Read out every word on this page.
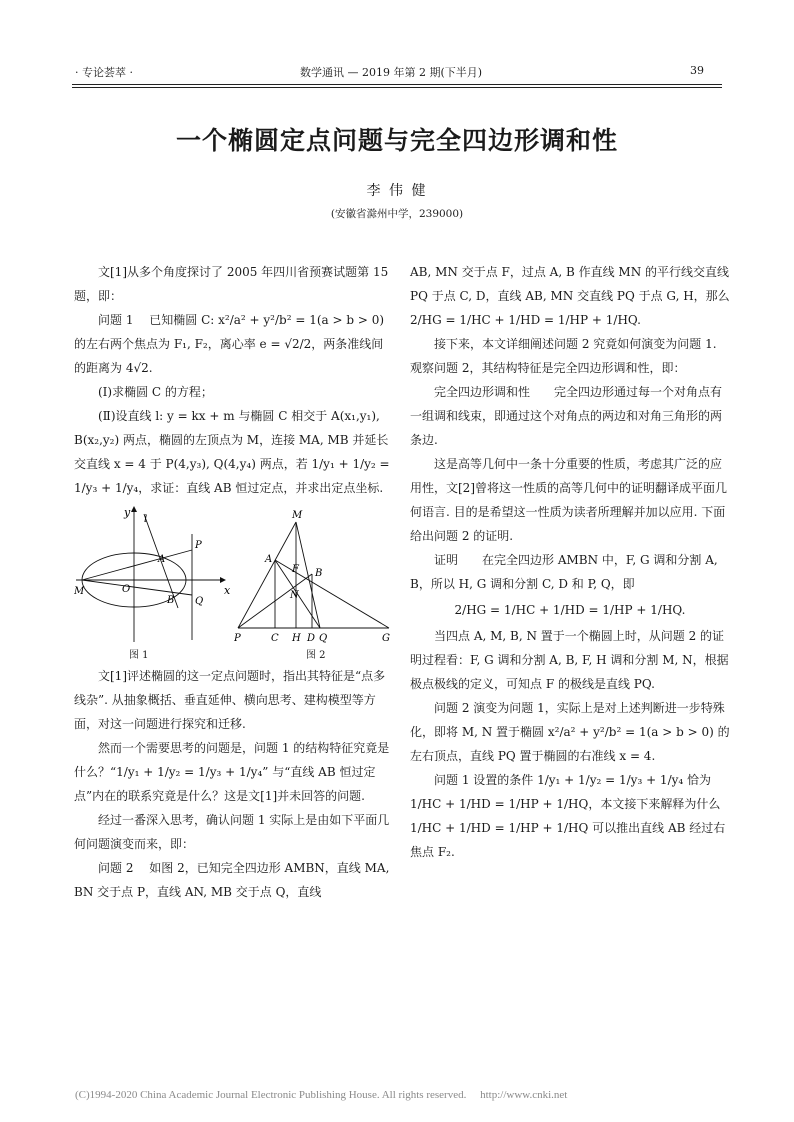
· 专论荟萃 ·	数学通讯 — 2019 年第 2 期(下半月)	39
一个椭圆定点问题与完全四边形调和性
李 伟 健
(安徽省滁州中学，239000)

文[1]从多个角度探讨了 2005 年四川省预赛试题第 15 题，即：

问题 1　 已知椭圆 C: x²/a² + y²/b² = 1(a > b > 0) 的左右两个焦点为 F₁, F₂，离心率 e = √2/2，两条准线间的距离为 4√2.

(Ⅰ)求椭圆 C 的方程；

(Ⅱ)设直线 l: y = kx + m 与椭圆 C 相交于 A(x₁,y₁), B(x₂,y₂) 两点，椭圆的左顶点为 M，连接 MA, MB 并延长交直线 x = 4 于 P(4,y₃), Q(4,y₄) 两点，若 1/y₁ + 1/y₂ = 1/y₃ + 1/y₄，求证：直线 AB 恒过定点，并求出定点坐标.

y
x
O
M
A
B
P
Q
l
图 1
M
A
F B
N
P	C H D Q	G
图 2

文[1]评述椭圆的这一定点问题时，指出其特征是“点多线杂”. 从抽象概括、垂直延伸、横向思考、建构模型等方面，对这一问题进行探究和迁移.

然而一个需要思考的问题是，问题 1 的结构特征究竟是什么？“1/y₁ + 1/y₂ = 1/y₃ + 1/y₄” 与“直线 AB 恒过定点”内在的联系究竟是什么？这是文[1]并未回答的问题.

经过一番深入思考，确认问题 1 实际上是由如下平面几何问题演变而来，即：

问题 2　 如图 2，已知完全四边形 AMBN，直线 MA, BN 交于点 P，直线 AN, MB 交于点 Q，直线

AB, MN 交于点 F，过点 A, B 作直线 MN 的平行线交直线 PQ 于点 C, D，直线 AB, MN 交直线 PQ 于点 G, H，那么 2/HG = 1/HC + 1/HD = 1/HP + 1/HQ.

接下来，本文详细阐述问题 2 究竟如何演变为问题 1. 观察问题 2，其结构特征是完全四边形调和性，即：

完全四边形调和性　　完全四边形通过每一个对角点有一组调和线束，即通过这个对角点的两边和对角三角形的两条边.

这是高等几何中一条十分重要的性质，考虑其广泛的应用性，文[2]曾将这一性质的高等几何中的证明翻译成平面几何语言. 目的是希望这一性质为读者所理解并加以应用. 下面给出问题 2 的证明.

证明　　在完全四边形 AMBN 中，F, G 调和分割 A, B，所以 H, G 调和分割 C, D 和 P, Q，即

2/HG = 1/HC + 1/HD = 1/HP + 1/HQ.

当四点 A, M, B, N 置于一个椭圆上时，从问题 2 的证明过程看：F, G 调和分割 A, B, F, H 调和分割 M, N，根据极点极线的定义，可知点 F 的极线是直线 PQ.

问题 2 演变为问题 1，实际上是对上述判断进一步特殊化，即将 M, N 置于椭圆 x²/a² + y²/b² = 1(a > b > 0) 的左右顶点，直线 PQ 置于椭圆的右准线 x = 4.

问题 1 设置的条件 1/y₁ + 1/y₂ = 1/y₃ + 1/y₄ 恰为 1/HC + 1/HD = 1/HP + 1/HQ，本文接下来解释为什么 1/HC + 1/HD = 1/HP + 1/HQ 可以推出直线 AB 经过右焦点 F₂.

(C)1994-2020 China Academic Journal Electronic Publishing House. All rights reserved.　 http://www.cnki.net
